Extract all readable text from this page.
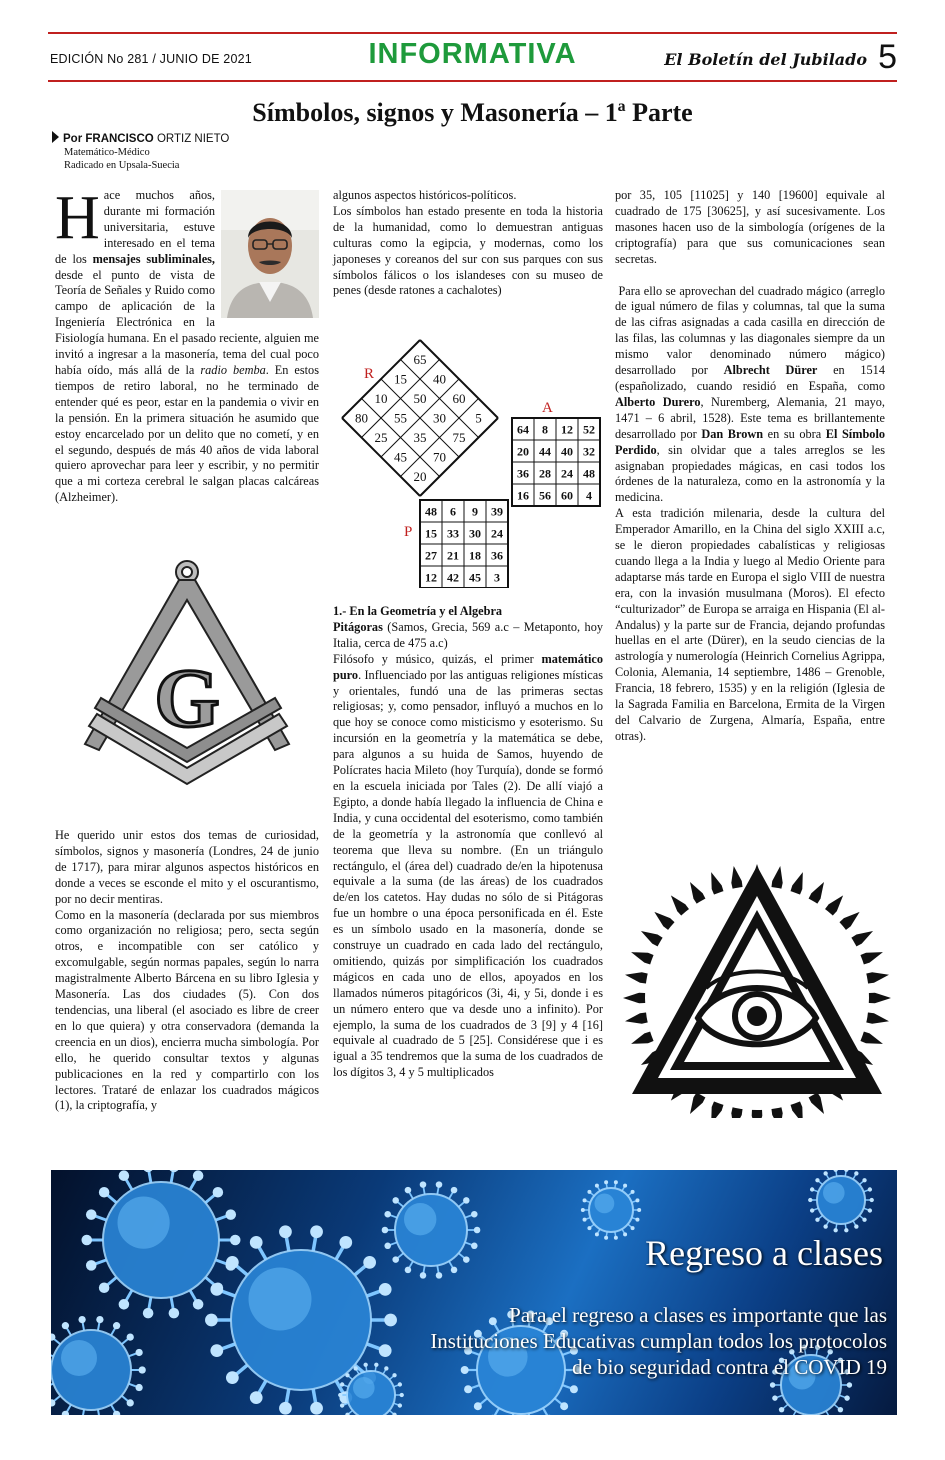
EDICIÓN No 281 / JUNIO DE 2021	INFORMATIVA	El Boletín del Jubilado 5
Símbolos, signos y Masonería – 1ª Parte
Por FRANCISCO ORTIZ NIETO
Matemático-Médico
Radicado en Upsala-Suecia
H ace muchos años, durante mi formación universitaria, estuve interesado en el tema de los mensajes subliminales, desde el punto de vista de Teoría de Señales y Ruido como campo de aplicación de la Ingeniería Electrónica en la Fisiología humana. En el pasado reciente, alguien me invitó a ingresar a la masonería, tema del cual poco había oído, más allá de la radio bemba. En estos tiempos de retiro laboral, no he terminado de entender qué es peor, estar en la pandemia o vivir en la pensión. En la primera situación he asumido que estoy encarcelado por un delito que no cometí, y en el segundo, después de más 40 años de vida laboral quiero aprovechar para leer y escribir, y no permitir que a mi corteza cerebral le salgan placas calcáreas (Alzheimer).

G

He querido unir estos dos temas de curiosidad, símbolos, signos y masonería (Londres, 24 de junio de 1717), para mirar algunos aspectos históricos en donde a veces se esconde el mito y el oscurantismo, por no decir mentiras.

Como en la masonería (declarada por sus miembros como organización no religiosa; pero, secta según otros, e incompatible con ser católico y excomulgable, según normas papales, según lo narra magistralmente Alberto Bárcena en su libro Iglesia y Masonería. Las dos ciudades (5). Con dos tendencias, una liberal (el asociado es libre de creer en lo que quiera) y otra conservadora (demanda la creencia en un dios), encierra mucha simbología. Por ello, he querido consultar textos y algunas publicaciones en la red y compartirlo con los lectores. Trataré de enlazar los cuadrados mágicos (1), la criptografía, y

algunos aspectos históricos-políticos.

Los símbolos han estado presente en toda la historia de la humanidad, como lo demuestran antiguas culturas como la egipcia, y modernas, como los japoneses y coreanos del sur con sus parques con sus símbolos fálicos o los islandeses con su museo de penes (desde ratones a cachalotes)

65
40
60
5
15
50
30
75
10
55
35
70
80
25
45
20
64 8 12 52
20 44 40 32
36 28 24 48
16 56 60 4
48 6 9 39
15 33 30 24
27 21 18 36
12 42 45 3
R
A
P

1.- En la Geometría y el Algebra

Pitágoras (Samos, Grecia, 569 a.c – Metaponto, hoy Italia, cerca de 475 a.c)

Filósofo y músico, quizás, el primer matemático puro. Influenciado por las antiguas religiones místicas y orientales, fundó una de las primeras sectas religiosas; y, como pensador, influyó a muchos en lo que hoy se conoce como misticismo y esoterismo. Su incursión en la geometría y la matemática se debe, para algunos a su huida de Samos, huyendo de Polícrates hacia Mileto (hoy Turquía), donde se formó en la escuela iniciada por Tales (2). De allí viajó a Egipto, a donde había llegado la influencia de China e India, y cuna occidental del esoterismo, como también de la geometría y la astronomía que conllevó al teorema que lleva su nombre. (En un triángulo rectángulo, el (área del) cuadrado de/en la hipotenusa equivale a la suma (de las áreas) de los cuadrados de/en los catetos. Hay dudas no sólo de si Pitágoras fue un hombre o una época personificada en él. Este es un símbolo usado en la masonería, donde se construye un cuadrado en cada lado del rectángulo, omitiendo, quizás por simplificación los cuadrados mágicos en cada uno de ellos, apoyados en los llamados números pitagóricos (3i, 4i, y 5i, donde i es un número entero que va desde uno a infinito). Por ejemplo, la suma de los cuadrados de 3 [9] y 4 [16] equivale al cuadrado de 5 [25]. Considérese que i es igual a 35 tendremos que la suma de los cuadrados de los dígitos 3, 4 y 5 multiplicados

por 35, 105 [11025] y 140 [19600] equivale al cuadrado de 175 [30625], y así sucesivamente. Los masones hacen uso de la simbología (orígenes de la criptografía) para que sus comunicaciones sean secretas.

Para ello se aprovechan del cuadrado mágico (arreglo de igual número de filas y columnas, tal que la suma de las cifras asignadas a cada casilla en dirección de las filas, las columnas y las diagonales siempre da un mismo valor denominado número mágico) desarrollado por Albrecht Dürer en 1514 (españolizado, cuando residió en España, como Alberto Durero, Nuremberg, Alemania, 21 mayo, 1471 – 6 abril, 1528). Este tema es brillantemente desarrollado por Dan Brown en su obra El Símbolo Perdido, sin olvidar que a tales arreglos se les asignaban propiedades mágicas, en casi todos los órdenes de la naturaleza, como en la astronomía y la medicina.

A esta tradición milenaria, desde la cultura del Emperador Amarillo, en la China del siglo XXIII a.c, se le dieron propiedades cabalísticas y religiosas cuando llega a la India y luego al Medio Oriente para adaptarse más tarde en Europa el siglo VIII de nuestra era, con la invasión musulmana (Moros). El efecto “culturizador” de Europa se arraiga en Hispania (El al-Andalus) y la parte sur de Francia, dejando profundas huellas en el arte (Dürer), en la seudo ciencias de la astrología y numerología (Heinrich Cornelius Agrippa, Colonia, Alemania, 14 septiembre, 1486 – Grenoble, Francia, 18 febrero, 1535) y en la religión (Iglesia de la Sagrada Familia en Barcelona, Ermita de la Virgen del Calvario de Zurgena, Almaría, España, entre otras).

Regreso a clases
Para el regreso a clases es importante que las Instituciones Educativas cumplan todos los protocolos de bio seguridad contra el COVID 19
